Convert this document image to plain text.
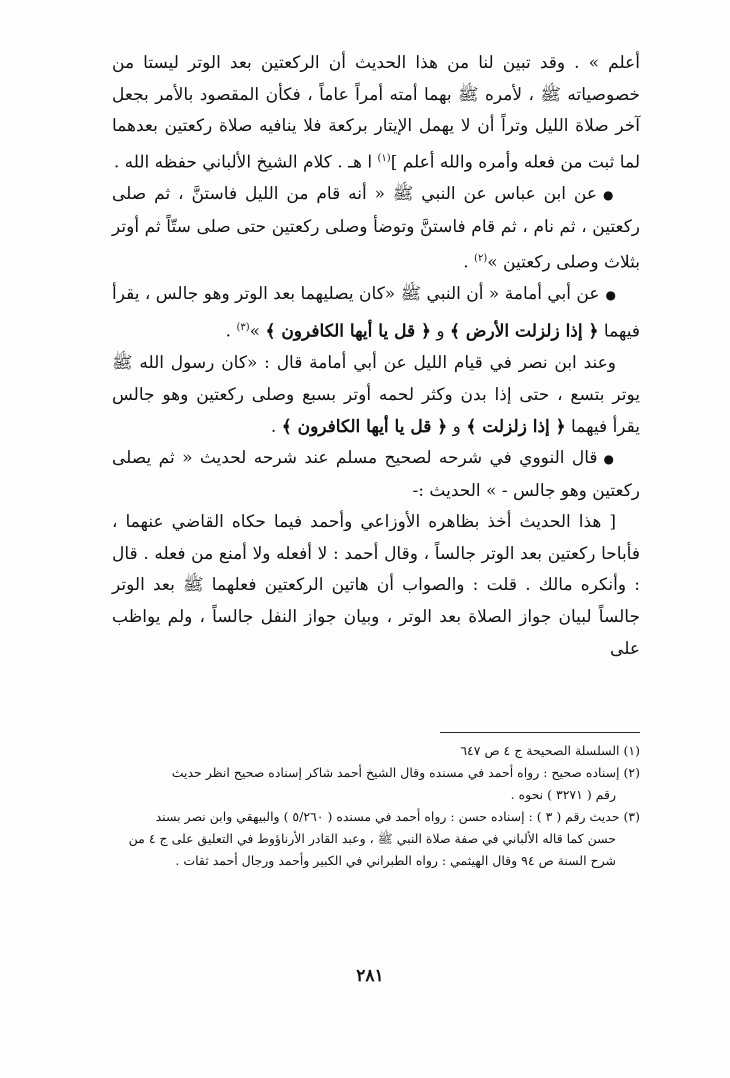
أعلم » . وقد تبين لنا من هذا الحديث أن الركعتين بعد الوتر ليستا من خصوصياته ﷺ ، لأمره ﷺ بهما أمته أمراً عاماً ، فكأن المقصود بالأمر بجعل آخر صلاة الليل وتراً أن لا يهمل الإيتار بركعة فلا ينافيه صلاة ركعتين بعدهما لما ثبت من فعله وأمره والله أعلم ]$^{(١)}$ ا هـ . كلام الشيخ الألباني حفظه الله .

●عن ابن عباس عن النبي ﷺ « أنه قام من الليل فاستنَّ ، ثم صلى ركعتين ، ثم نام ، ثم قام فاستنَّ وتوضأ وصلى ركعتين حتى صلى ستّاً ثم أوتر بثلاث وصلى ركعتين »$^{(٢)}$ .

●عن أبي أمامة « أن النبي ﷺ «كان يصليهما بعد الوتر وهو جالس ، يقرأ فيهما ﴿ إذا زلزلت الأرض ﴾ و ﴿ قل يا أيها الكافرون ﴾ »$^{(٣)}$ .

وعند ابن نصر في قيام الليل عن أبي أمامة قال : «كان رسول الله ﷺ يوتر بتسع ، حتى إذا بدن وكثر لحمه أوتر بسبع وصلى ركعتين وهو جالس يقرأ فيهما ﴿ إذا زلزلت ﴾ و ﴿ قل يا أيها الكافرون ﴾ .

●قال النووي في شرحه لصحيح مسلم عند شرحه لحديث « ثم يصلى ركعتين وهو جالس - » الحديث :-

[ هذا الحديث أخذ بظاهره الأوزاعي وأحمد فيما حكاه القاضي عنهما ، فأباحا ركعتين بعد الوتر جالساً ، وقال أحمد : لا أفعله ولا أمنع من فعله . قال : وأنكره مالك . قلت : والصواب أن هاتين الركعتين فعلهما ﷺ بعد الوتر جالساً لبيان جواز الصلاة بعد الوتر ، وبيان جواز النفل جالساً ، ولم يواظب على

(١) السلسلة الصحيحة ج ٤ ص ٦٤٧

(٢) إسناده صحيح : رواه أحمد في مسنده وقال الشيخ أحمد شاكر إسناده صحيح انظر حديث

رقم ( ٣٢٧١ ) نحوه .

(٣) حديث رقم ( ٣ ) : إسناده حسن : رواه أحمد في مسنده ( ٥/٢٦٠ ) والبيهقي وابن نصر بسند

حسن كما قاله الألباني في صفة صلاة النبي ﷺ ، وعبد القادر الأرناؤوط في التعليق على ج ٤ من

شرح السنة ص ٩٤ وقال الهيثمي : رواه الطبراني في الكبير وأحمد ورجال أحمد ثقات .

٢٨١
